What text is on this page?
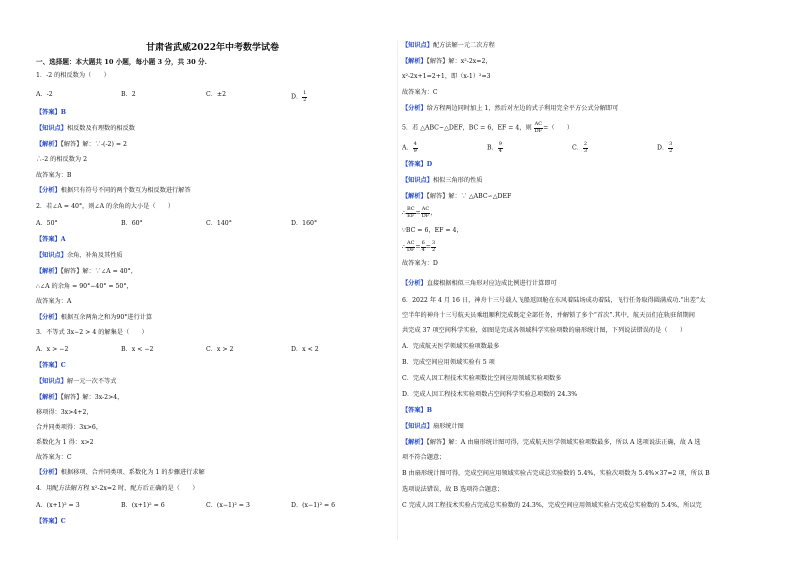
甘肃省武威2022年中考数学试卷
一、选择题：本大题共 10 小题，每小题 3 分，共 30 分.
1．-2 的相反数为（　　）
A．-2	B．2	C．±2	D． $\frac{1}{2}$
【答案】B
【知识点】相反数及有理数的相反数
【解析】【解答】解：∵-(-2) = 2
∴-2 的相反数为 2
故答案为：B
【分析】根据只有符号不同的两个数互为相反数进行解答
2．若∠A = 40°，则∠A 的余角的大小是（　　）
A．50°	B．60°	C．140°	D．160°
【答案】A
【知识点】余角、补角及其性质
【解析】【解答】解：∵∠A = 40°，
∴∠A 的余角 = 90°−40° = 50°，
故答案为：A
【分析】根据互余两角之和为90°进行计算
3．不等式 3x−2 > 4 的解集是（　　）
A．x > −2	B．x < −2	C．x > 2	D．x < 2
【答案】C
【知识点】解一元一次不等式
【解析】【解答】解：3x-2>4，
移项得：3x>4+2，
合并同类项得：3x>6，
系数化为 1 得：x>2
故答案为：C
【分析】根据移项、合并同类项、系数化为 1 的步骤进行求解
4．用配方法解方程 x²-2x=2 时，配方后正确的是（　　）
A．(x+1)² = 3	B．(x+1)² = 6	C．(x−1)² = 3	D．(x−1)² = 6
【答案】C
【知识点】配方法解一元二次方程
【解析】【解答】解：x²-2x=2，
x²-2x+1=2+1，即（x-1）²=3
故答案为：C
【分析】给方程两边同时加上 1，然后对左边的式子利用完全平方公式分解即可
5．若 △ABC∽△DEF，BC = 6，EF = 4，则 $\frac{AC}{DF}$ =（　　）
A． $\frac{4}{9}$	B． $\frac{9}{4}$	C． $\frac{2}{3}$	D． $\frac{3}{2}$
【答案】D
【知识点】相似三角形的性质
【解析】【解答】解：∵ △ABC∽△DEF
∴ $\frac{BC}{EF} = \frac{AC}{DF}$ ，
∵BC = 6，EF = 4，
∴ $\frac{AC}{DF} = \frac{6}{4} = \frac{3}{2}$
故答案为：D
【分析】直接根据相似三角形对应边成比例进行计算即可
6．2022 年 4 月 16 日，神舟十三号载人飞船返回舱在东风着陆场成功着陆，飞行任务取得圆满成功.“出差”太
空半年的神舟十三号航天员乘组顺利完成既定全部任务，并解锁了多个“首次”.其中，航天员们在轨驻留期间
共完成 37 项空间科学实验，如图是完成各领域科学实验项数的扇形统计图，下列说法错误的是（　　）
A．完成航天医学领域实验项数最多
B．完成空间应用领域实验有 5 项
C．完成人因工程技术实验项数比空间应用领域实验项数多
D．完成人因工程技术实验项数占空间科学实验总项数的 24.3%
【答案】B
【知识点】扇形统计图
【解析】【解答】解：A 由扇形统计图可得，完成航天医学领域实验项数最多，所以 A 选项说法正确，故 A 选
项不符合题意；
B 由扇形统计图可得，完成空间应用领域实验占完成总实验数的 5.4%，实验次项数为 5.4%×37≈2 项，所以 B
选项说法错误，故 B 选项符合题意；
C 完成人因工程技术实验占完成总实验数的 24.3%，完成空间应用领域实验占完成总实验数的 5.4%，所以完
